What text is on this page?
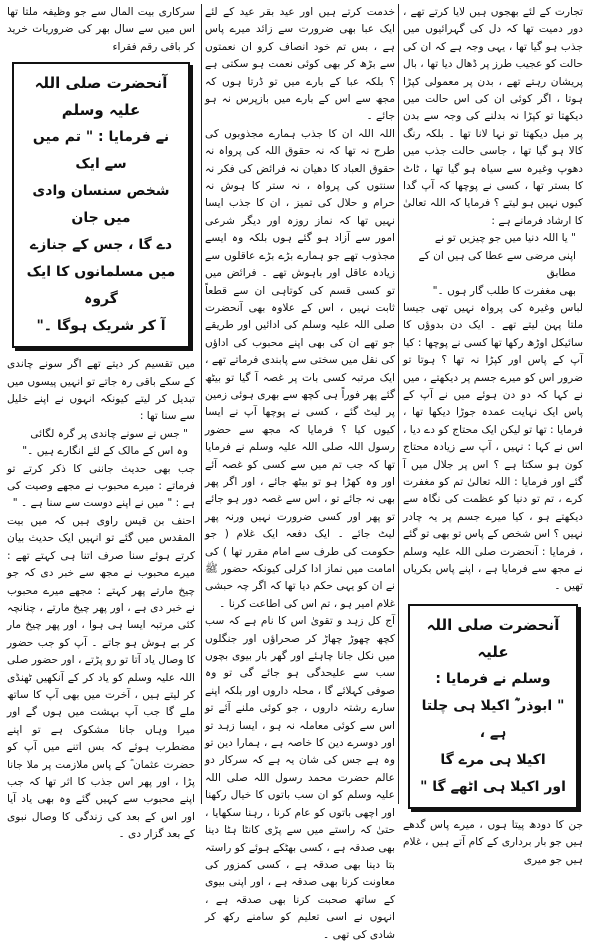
تجارت کے لئے بھجوں ہیں لایا کرتے تھے ، دور دمیت تھا کہ دل کی گہرائیوں میں جذب ہو گیا تھا ، یہی وجہ ہے کہ ان کی حالت کو عجیب طرز پر ڈھال دیا تھا ، بال پریشان رہتے تھے ، بدن پر معمولی کپڑا ہوتا ، اگر کوئی ان کی اس حالت میں دیکھتا تو کپڑا نہ بدلنے کی وجہ سے بدن پر میل دیکھتا تو نہا لانا تھا ۔ بلکہ رنگ کالا ہو گیا تھا ، جاسی حالت جذب میں دھوپ وغیرہ سے سیاہ ہو گیا تھا ، ٹاٹ کا بستر تھا ، کسی نے پوچھا کہ آپ گدا کیوں نہیں ہو لیتے ؟ فرمایا کہ اللہ تعالیٰ کا ارشاد فرمانے ہے :

" یا اللہ دنیا میں جو چیزیں تو نے

اپنی مرضی سے عطا کی ہیں ان کے مطابق

بھی مغفرت کا طلب گار ہوں ۔"

لباس وغیرہ کی پرواہ نہیں تھی جیسا ملتا پہن لیتے تھے ۔ ایک دن بدوؤں کا سائیکل اوڑھ رکھا تھا کسی نے پوچھا : کیا آپ کے پاس اور کپڑا نہ تھا ؟ ہوتا تو ضرور اس کو میرے جسم پر دیکھتے ، میں نے کہا کہ دو دن ہوئے میں نے آپ کے پاس ایک نہایت عمدہ جوڑا دیکھا تھا ، فرمایا : تھا تو لیکن ایک محتاج کو دے دیا ، اس نے کہا : نہیں ، آپ سے زیادہ محتاج کون ہو سکتا ہے ؟ اس پر جلال میں آ گئے اور فرمایا : اللہ تعالیٰ تم کو مغفرت کرے ، تم تو دنیا کو عظمت کی نگاہ سے دیکھتے ہو ، کیا میرے جسم پر یہ چادر نہیں ؟ اس شخص کے پاس تو بھی تو گئے ، فرمایا : آنحضرت صلی اللہ علیہ وسلم نے مجھ سے فرمایا ہے ، اپنے پاس بکریاں تھیں ۔

آنحضرت صلی اللہ علیہ

وسلم نے فرمایا :

" ابوذر ؓ اکیلا ہی چلتا ہے ،

اکیلا ہی مرے گا

اور اکیلا ہی اٹھے گا "

جن کا دودھ پیتا ہوں ، میرے پاس گدھے ہیں جو بار برداری کے کام آتے ہیں ، غلام ہیں جو میری

خدمت کرتے ہیں اور عید بقر عید کے لئے ایک عبا بھی ضرورت سے زائد میرے پاس ہے ، بس تم خود انصاف کرو ان نعمتوں سے بڑھ کر بھی کوئی نعمت ہو سکتی ہے ؟ بلکہ عبا کے بارے میں تو ڈرتا ہوں کہ مجھ سے اس کے بارے میں بازپرس نہ ہو جائے ۔

اللہ اللہ ان کا جذب ہمارے مجذوبوں کی طرح نہ تھا کہ نہ حقوق اللہ کی پرواہ نہ حقوق العباد کا دھیان نہ فرائض کی فکر نہ سنتوں کی پرواہ ، نہ ستر کا ہوش نہ حرام و حلال کی تمیز ، ان کا جذب ایسا نہیں تھا کہ نماز روزہ اور دیگر شرعی امور سے آزاد ہو گئے ہوں بلکہ وہ ایسے مجذوب تھے جو ہمارے بڑے بڑے عاقلوں سے زیادہ عاقل اور باہوش تھے ۔ فرائض میں تو کسی قسم کی کوتاہی ان سے قطعاً ثابت نہیں ، اس کے علاوہ بھی آنحضرت صلی اللہ علیہ وسلم کی ادائیں اور طریقے جو تھے ان کی بھی اپنے محبوب کی اداؤں کی نقل میں سختی سے پابندی فرماتے تھے ، ایک مرتبہ کسی بات پر غصہ آ گیا تو بیٹھ گئے پھر فوراً ہی کچھ سے بھری ہوئی زمین پر لیٹ گئے ، کسی نے پوچھا آپ نے ایسا کیوں کیا ؟ فرمایا کہ مجھ سے حضور رسول اللہ صلی اللہ علیہ وسلم نے فرمایا تھا کہ جب تم میں سے کسی کو غصہ آئے اور وہ کھڑا ہو تو بیٹھ جائے ، اور اگر پھر بھی نہ جائے تو ، اس سے غصہ دور ہو جائے تو پھر اور کسی ضرورت نہیں ورنہ پھر لیٹ جائے ۔ ایک دفعہ ایک غلام ( جو حکومت کی طرف سے امام مقرر تھا ) کی امامت میں نماز ادا کرلی کیونکہ حضور ﷺ نے ان کو یہی حکم دیا تھا کہ اگر چہ حبشی غلام امیر ہو ، تم اس کی اطاعت کرنا ۔

آج کل زہد و تقویٰ اس کا نام ہے کہ سب کچھ چھوڑ چھاڑ کر صحراؤں اور جنگلوں میں نکل جانا چاہئے اور گھر بار بیوی بچوں سب سے علیحدگی ہو جائے گی تو وہ صوفی کہلائے گا ، محلہ داروں اور بلکہ اپنے سارے رشتہ داروں ، جو کوئی ملنے آئے تو اس سے کوئی معاملہ نہ ہو ، ایسا زہد تو اور دوسرے دین کا خاصہ ہے ، ہمارا دین تو وہ ہے جس کی شان یہ ہے کہ سرکار دو عالم حضرت محمد رسول اللہ صلی اللہ علیہ وسلم کو ان سب باتوں کا خیال رکھنا اور اچھی باتوں کو عام کرنا ، رہنا سکھایا ، حتیٰ کہ راستے میں سے پڑی کانٹا ہٹا دینا بھی صدقہ ہے ، کسی بھٹکے ہوئے کو راستہ بتا دینا بھی صدقہ ہے ، کسی کمزور کی معاونت کرنا بھی صدقہ ہے ، اور اپنی بیوی کے ساتھ صحبت کرنا بھی صدقہ ہے ، انہوں نے اسی تعلیم کو سامنے رکھ کر شادی کی تھی ۔

سرکاری بیت المال سے جو وظیفہ ملتا تھا اس میں سے سال بھر کی ضروریات خرید کر باقی رقم فقراء

آنحضرت صلی اللہ علیہ وسلم

نے فرمایا : " تم میں سے ایک

شخص سنسان وادی میں جان

دے گا ، جس کے جنازے

میں مسلمانوں کا ایک گروہ

آ کر شریک ہوگا ۔"

میں تقسیم کر دیتے تھے اگر سونے چاندی کے سکے باقی رہ جاتے تو انہیں پیسوں میں تبدیل کر لیتے کیونکہ انہوں نے اپنے خلیل سے سنا تھا :

" جس نے سونے چاندی پر گرہ لگائی

وہ اس کے مالک کے لئے انگارے ہیں ۔"

جب بھی حدیث جاننی کا ذکر کرتے تو فرماتے : میرے محبوب نے مجھے وصیت کی ہے : " میں نے اپنے دوست سے سنا ہے ۔ "

احنف بن قیس راوی ہیں کہ میں بیت المقدس میں گئے تو انہیں ایک حدیث بیان کرتے ہوئے سنا صرف اتنا ہی کہتے تھے : میرے محبوب نے مجھ سے خبر دی کہ جو چیخ مارتے پھر کہتے : مجھے میرے محبوب نے خبر دی ہے ، اور پھر چیخ مارتے ، چنانچہ کئی مرتبہ ایسا ہی ہوا ، اور پھر چیخ مار کر بے ہوش ہو جاتے ۔ آپ کو جب حضور کا وصال یاد آتا تو رو پڑتے ، اور حضور صلی اللہ علیہ وسلم کو یاد کر کے آنکھیں ٹھنڈی کر لیتے ہیں ، آخرت میں بھی آپ کا ساتھ ملے گا جب آپ بہشت میں ہوں گے اور میرا وہاں جانا مشکوک ہے تو اپنے مضطرب ہوئے کہ بس اتنے میں آپ کو حضرت عثمان ؓ کے پاس ملازمت پر ملا جانا پڑا ، اور پھر اس جذب کا اثر تھا کہ جب اپنے محبوب سے کہیں گئے وہ بھی یاد آیا اور اس کے بعد کی زندگی کا وصال نبوی کے بعد گزار دی ۔
